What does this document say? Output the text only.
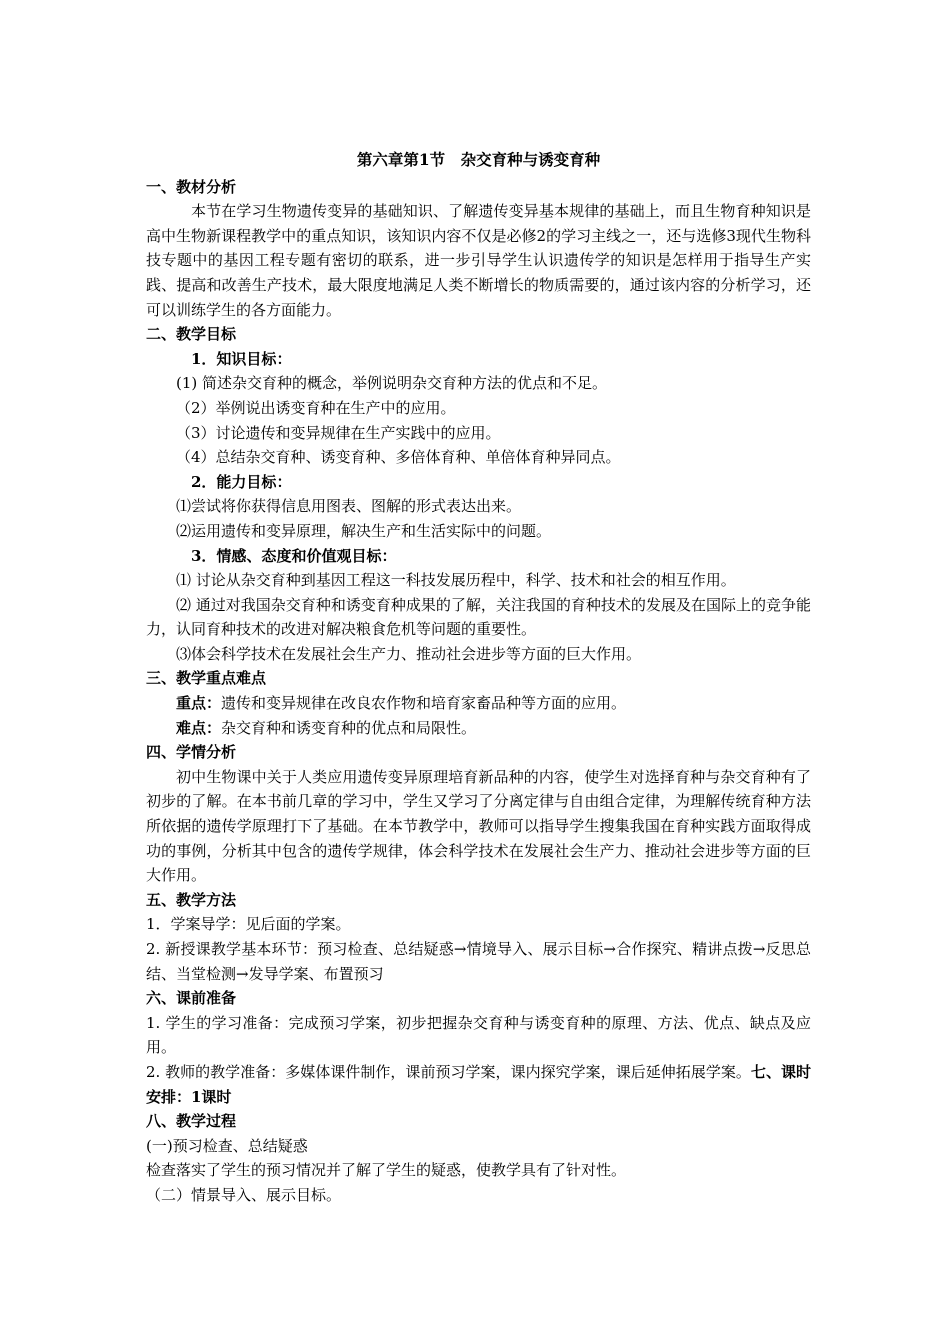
第六章第1节　杂交育种与诱变育种
一、教材分析
本节在学习生物遗传变异的基础知识、了解遗传变异基本规律的基础上，而且生物育种知识是高中生物新课程教学中的重点知识，该知识内容不仅是必修2的学习主线之一，还与选修3现代生物科技专题中的基因工程专题有密切的联系，进一步引导学生认识遗传学的知识是怎样用于指导生产实践、提高和改善生产技术，最大限度地满足人类不断增长的物质需要的，通过该内容的分析学习，还可以训练学生的各方面能力。
二、教学目标
1．知识目标：
(1) 简述杂交育种的概念，举例说明杂交育种方法的优点和不足。
（2）举例说出诱变育种在生产中的应用。
（3）讨论遗传和变异规律在生产实践中的应用。
（4）总结杂交育种、诱变育种、多倍体育种、单倍体育种异同点。
2．能力目标：
⑴尝试将你获得信息用图表、图解的形式表达出来。
⑵运用遗传和变异原理，解决生产和生活实际中的问题。
3．情感、态度和价值观目标：
⑴ 讨论从杂交育种到基因工程这一科技发展历程中，科学、技术和社会的相互作用。
⑵ 通过对我国杂交育种和诱变育种成果的了解，关注我国的育种技术的发展及在国际上的竞争能力，认同育种技术的改进对解决粮食危机等问题的重要性。
⑶体会科学技术在发展社会生产力、推动社会进步等方面的巨大作用。
三、教学重点难点
重点：遗传和变异规律在改良农作物和培育家畜品种等方面的应用。
难点：杂交育种和诱变育种的优点和局限性。
四、学情分析
初中生物课中关于人类应用遗传变异原理培育新品种的内容，使学生对选择育种与杂交育种有了初步的了解。在本书前几章的学习中，学生又学习了分离定律与自由组合定律，为理解传统育种方法所依据的遗传学原理打下了基础。在本节教学中，教师可以指导学生搜集我国在育种实践方面取得成功的事例，分析其中包含的遗传学规律，体会科学技术在发展社会生产力、推动社会进步等方面的巨大作用。
五、教学方法
1．学案导学：见后面的学案。
2. 新授课教学基本环节：预习检查、总结疑惑→情境导入、展示目标→合作探究、精讲点拨→反思总结、当堂检测→发导学案、布置预习
六、课前准备
1. 学生的学习准备：完成预习学案，初步把握杂交育种与诱变育种的原理、方法、优点、缺点及应用。
2. 教师的教学准备：多媒体课件制作，课前预习学案，课内探究学案，课后延伸拓展学案。七、课时安排：1课时
八、教学过程
(一)预习检查、总结疑惑
检查落实了学生的预习情况并了解了学生的疑惑，使教学具有了针对性。
（二）情景导入、展示目标。
